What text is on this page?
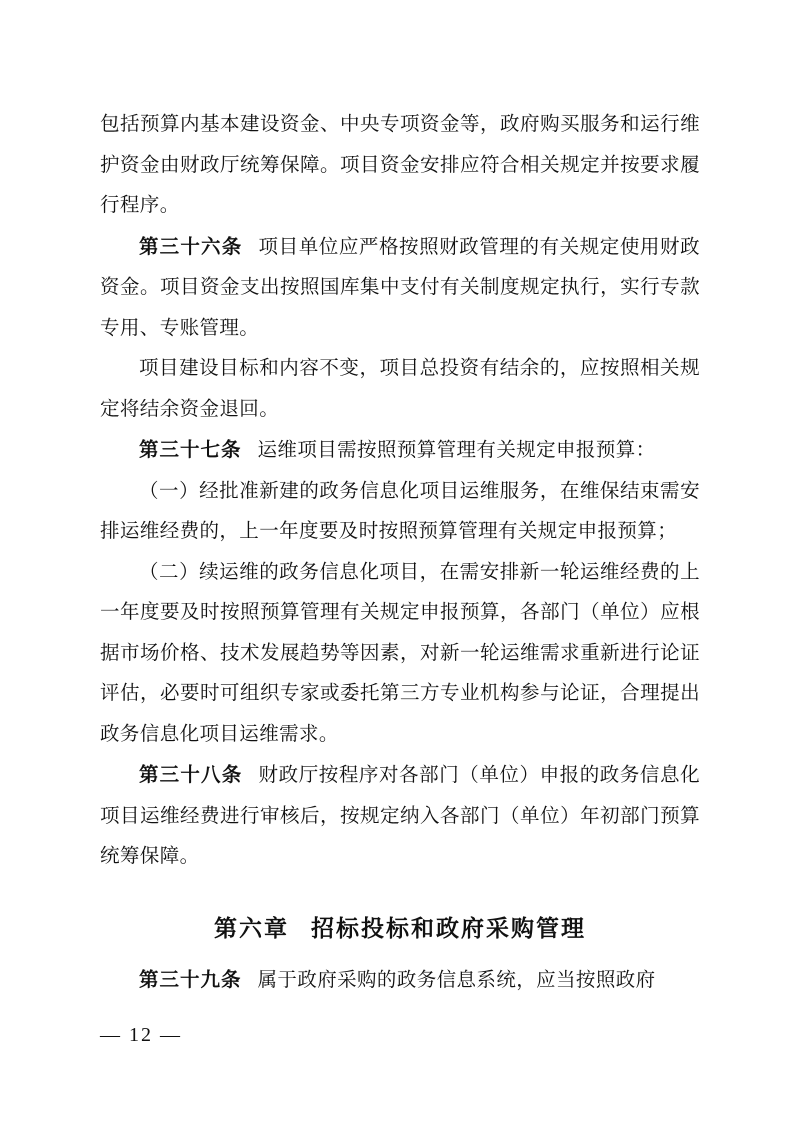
包括预算内基本建设资金、中央专项资金等，政府购买服务和运行维护资金由财政厅统筹保障。项目资金安排应符合相关规定并按要求履行程序。

第三十六条 项目单位应严格按照财政管理的有关规定使用财政资金。项目资金支出按照国库集中支付有关制度规定执行，实行专款专用、专账管理。

项目建设目标和内容不变，项目总投资有结余的，应按照相关规定将结余资金退回。

第三十七条 运维项目需按照预算管理有关规定申报预算：

（一）经批准新建的政务信息化项目运维服务，在维保结束需安排运维经费的，上一年度要及时按照预算管理有关规定申报预算；

（二）续运维的政务信息化项目，在需安排新一轮运维经费的上一年度要及时按照预算管理有关规定申报预算，各部门（单位）应根据市场价格、技术发展趋势等因素，对新一轮运维需求重新进行论证评估，必要时可组织专家或委托第三方专业机构参与论证，合理提出政务信息化项目运维需求。

第三十八条 财政厅按程序对各部门（单位）申报的政务信息化项目运维经费进行审核后，按规定纳入各部门（单位）年初部门预算统筹保障。

第六章 招标投标和政府采购管理

第三十九条 属于政府采购的政务信息系统，应当按照政府

— 12 —
